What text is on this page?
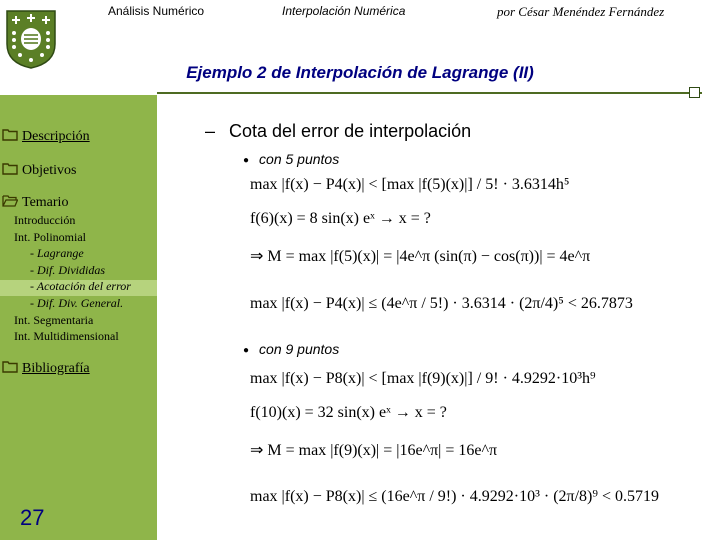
Análisis Numérico	Interpolación Numérica	por César Menéndez Fernández
Ejemplo 2 de Interpolación de Lagrange (II)
Descripción
Objetivos
Temario
Introducción
Int. Polinomial
- Lagrange
- Dif. Divididas
- Acotación del error
- Dif. Div. General.
Int. Segmentaria
Int. Multidimensional
Bibliografía
27
– Cota del error de interpolación
● con 5 puntos
max |f(x) − P4(x)| < [max |f(5)(x)|] / 5! · 3.6314h⁵
f(6)(x) = 8 sin(x) eˣ → x = ?
⇒ M = max |f(5)(x)| = |4e^π (sin(π) − cos(π))| = 4e^π
max |f(x) − P4(x)| ≤ (4e^π / 5!) · 3.6314 · (2π/4)⁵ < 26.7873
● con 9 puntos
max |f(x) − P8(x)| < [max |f(9)(x)|] / 9! · 4.9292·10³h⁹
f(10)(x) = 32 sin(x) eˣ → x = ?
⇒ M = max |f(9)(x)| = |16e^π| = 16e^π
max |f(x) − P8(x)| ≤ (16e^π / 9!) · 4.9292·10³ · (2π/8)⁹ < 0.5719
